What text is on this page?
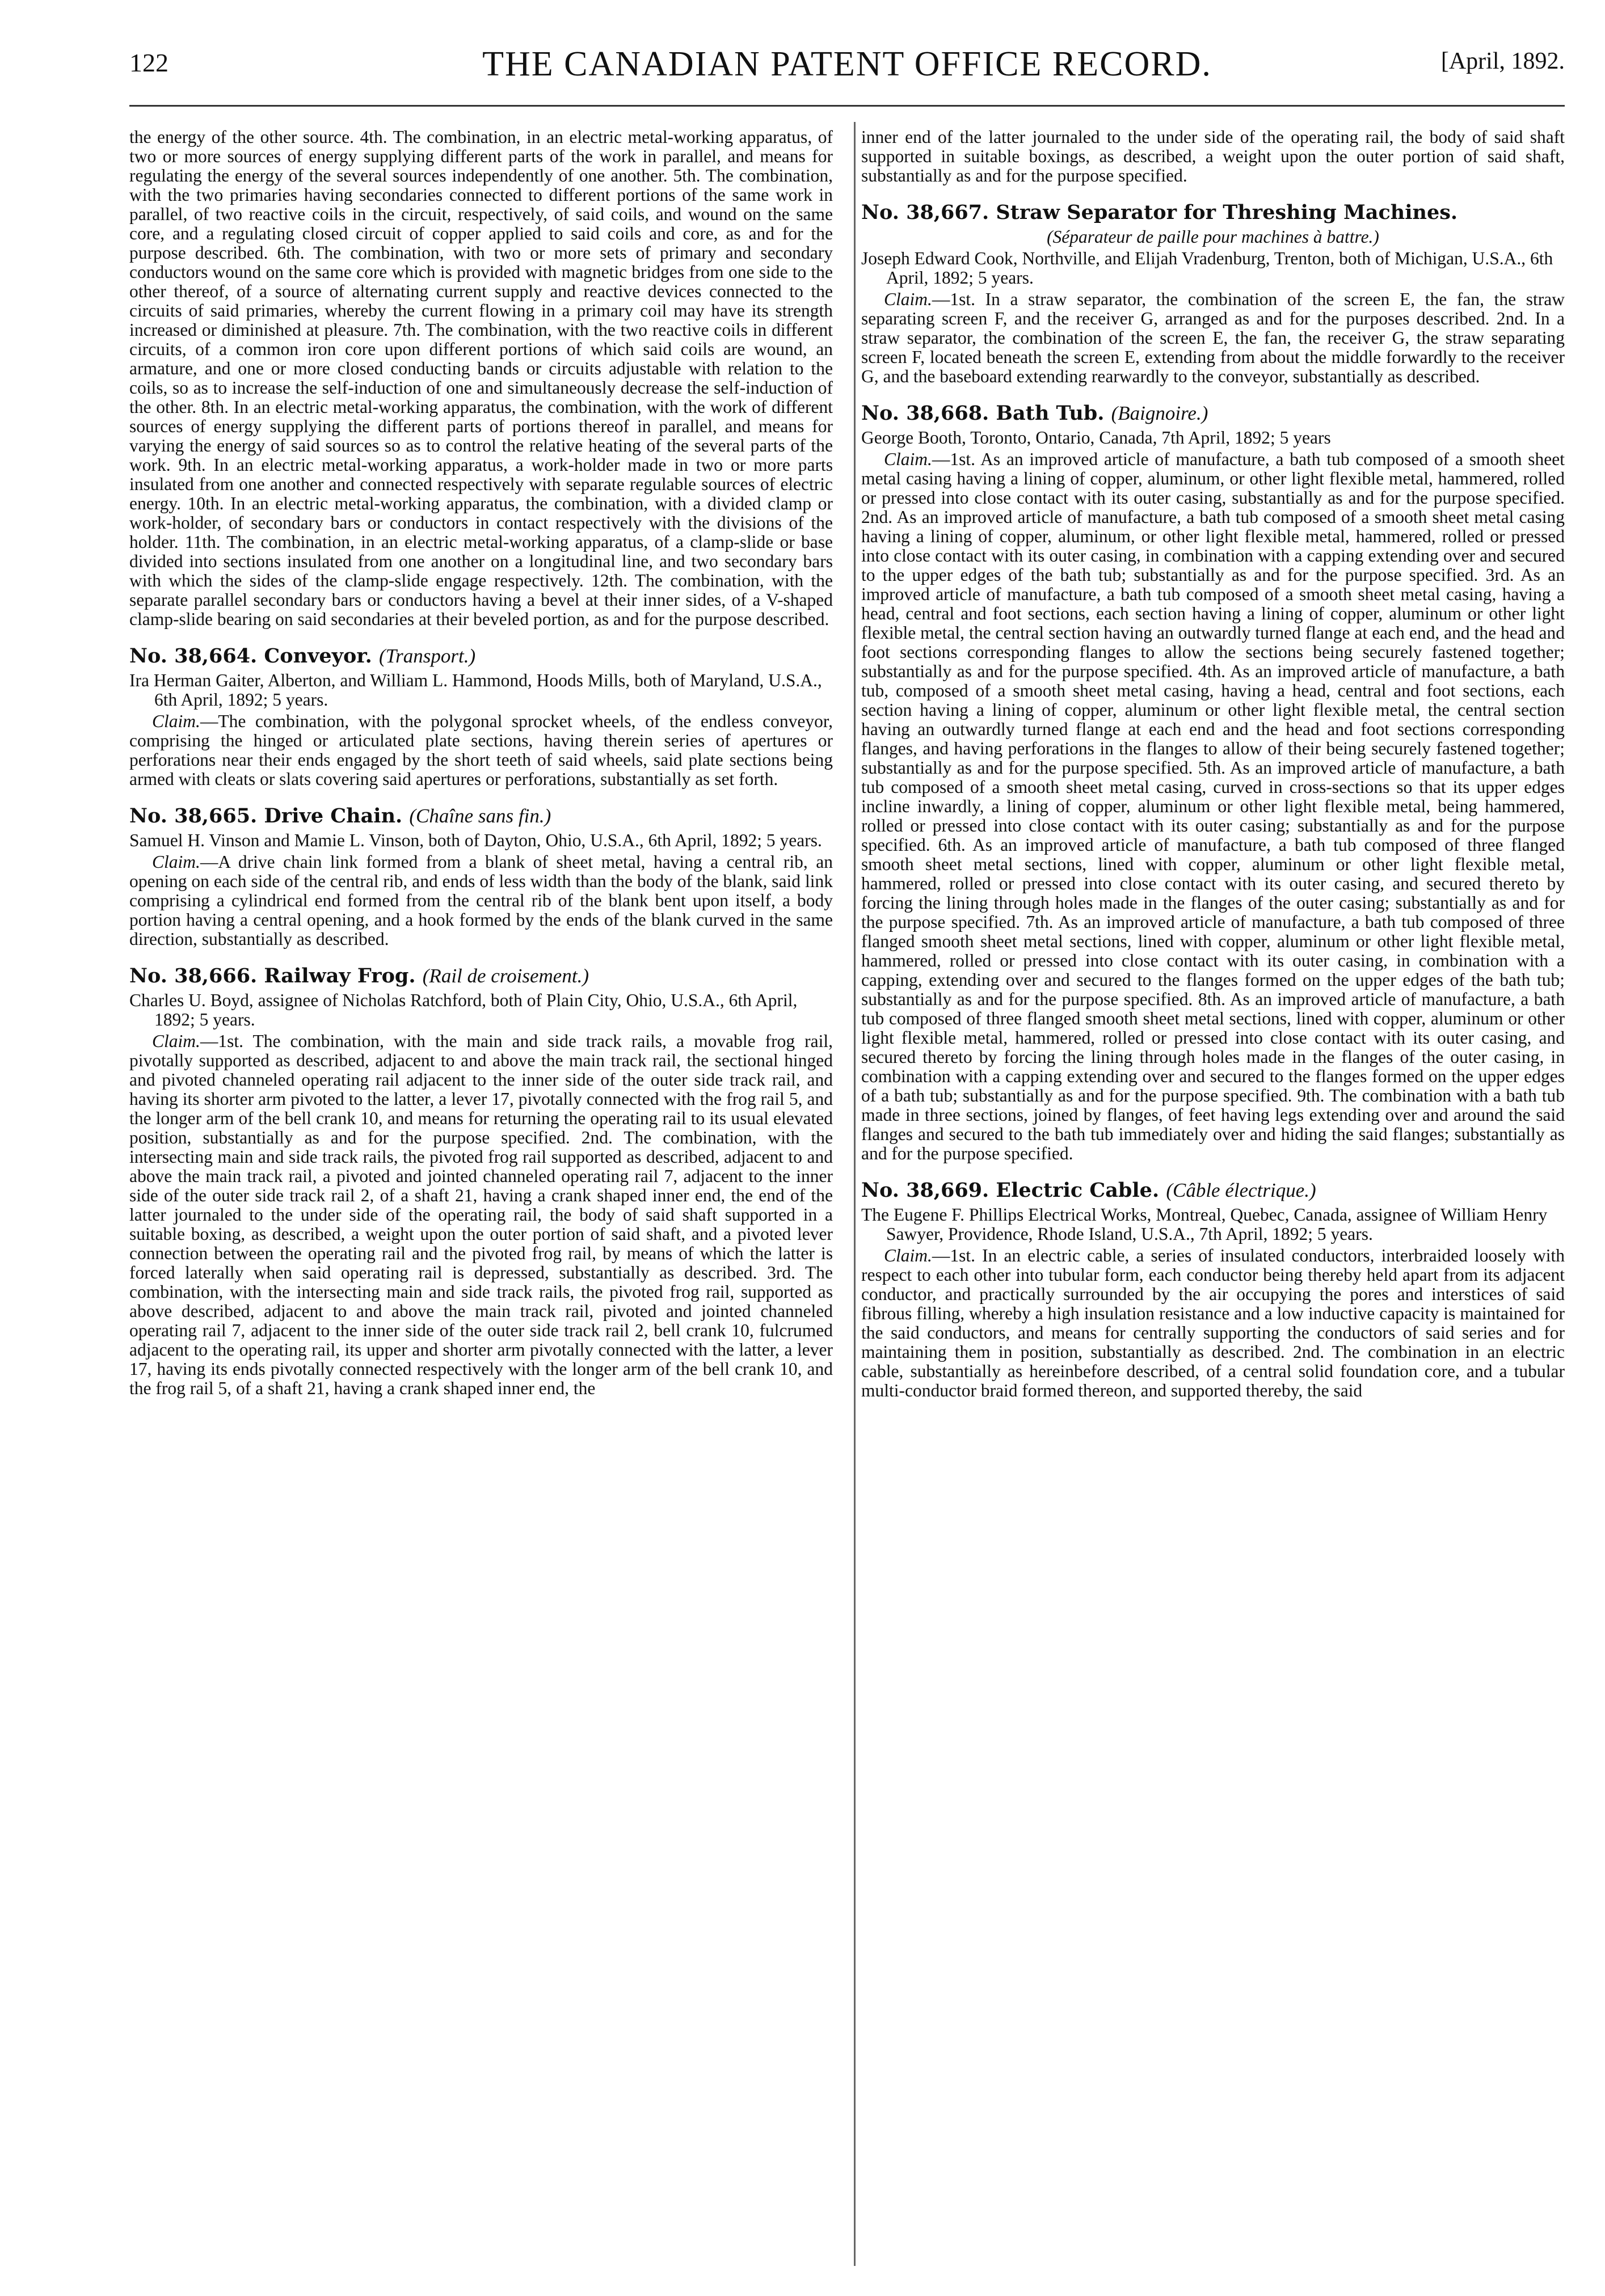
122	THE CANADIAN PATENT OFFICE RECORD.	[April, 1892.

the energy of the other source. 4th. The combination, in an electric metal-working apparatus, of two or more sources of energy supplying different parts of the work in parallel, and means for regulating the energy of the several sources independently of one another. 5th. The combination, with the two primaries having secondaries connected to different portions of the same work in parallel, of two reactive coils in the circuit, respectively, of said coils, and wound on the same core, and a regulating closed circuit of copper applied to said coils and core, as and for the purpose described. 6th. The combination, with two or more sets of primary and secondary conductors wound on the same core which is provided with magnetic bridges from one side to the other thereof, of a source of alternating current supply and reactive devices connected to the circuits of said primaries, whereby the current flowing in a primary coil may have its strength increased or diminished at pleasure. 7th. The combination, with the two reactive coils in different circuits, of a common iron core upon different portions of which said coils are wound, an armature, and one or more closed conducting bands or circuits adjustable with relation to the coils, so as to increase the self-induction of one and simultaneously decrease the self-induction of the other. 8th. In an electric metal-working apparatus, the combination, with the work of different sources of energy supplying the different parts of portions thereof in parallel, and means for varying the energy of said sources so as to control the relative heating of the several parts of the work. 9th. In an electric metal-working apparatus, a work-holder made in two or more parts insulated from one another and connected respectively with separate regulable sources of electric energy. 10th. In an electric metal-working apparatus, the combination, with a divided clamp or work-holder, of secondary bars or conductors in contact respectively with the divisions of the holder. 11th. The combination, in an electric metal-working apparatus, of a clamp-slide or base divided into sections insulated from one another on a longitudinal line, and two secondary bars with which the sides of the clamp-slide engage respectively. 12th. The combination, with the separate parallel secondary bars or conductors having a bevel at their inner sides, of a V-shaped clamp-slide bearing on said secondaries at their beveled portion, as and for the purpose described.

No. 38,664. Conveyor. (Transport.)

Ira Herman Gaiter, Alberton, and William L. Hammond, Hoods Mills, both of Maryland, U.S.A., 6th April, 1892; 5 years.

Claim.—The combination, with the polygonal sprocket wheels, of the endless conveyor, comprising the hinged or articulated plate sections, having therein series of apertures or perforations near their ends engaged by the short teeth of said wheels, said plate sections being armed with cleats or slats covering said apertures or perforations, substantially as set forth.

No. 38,665. Drive Chain. (Chaîne sans fin.)

Samuel H. Vinson and Mamie L. Vinson, both of Dayton, Ohio, U.S.A., 6th April, 1892; 5 years.

Claim.—A drive chain link formed from a blank of sheet metal, having a central rib, an opening on each side of the central rib, and ends of less width than the body of the blank, said link comprising a cylindrical end formed from the central rib of the blank bent upon itself, a body portion having a central opening, and a hook formed by the ends of the blank curved in the same direction, substantially as described.

No. 38,666. Railway Frog. (Rail de croisement.)

Charles U. Boyd, assignee of Nicholas Ratchford, both of Plain City, Ohio, U.S.A., 6th April, 1892; 5 years.

Claim.—1st. The combination, with the main and side track rails, a movable frog rail, pivotally supported as described, adjacent to and above the main track rail, the sectional hinged and pivoted channeled operating rail adjacent to the inner side of the outer side track rail, and having its shorter arm pivoted to the latter, a lever 17, pivotally connected with the frog rail 5, and the longer arm of the bell crank 10, and means for returning the operating rail to its usual elevated position, substantially as and for the purpose specified. 2nd. The combination, with the intersecting main and side track rails, the pivoted frog rail supported as described, adjacent to and above the main track rail, a pivoted and jointed channeled operating rail 7, adjacent to the inner side of the outer side track rail 2, of a shaft 21, having a crank shaped inner end, the end of the latter journaled to the under side of the operating rail, the body of said shaft supported in a suitable boxing, as described, a weight upon the outer portion of said shaft, and a pivoted lever connection between the operating rail and the pivoted frog rail, by means of which the latter is forced laterally when said operating rail is depressed, substantially as described. 3rd. The combination, with the intersecting main and side track rails, the pivoted frog rail, supported as above described, adjacent to and above the main track rail, pivoted and jointed channeled operating rail 7, adjacent to the inner side of the outer side track rail 2, bell crank 10, fulcrumed adjacent to the operating rail, its upper and shorter arm pivotally connected with the latter, a lever 17, having its ends pivotally connected respectively with the longer arm of the bell crank 10, and the frog rail 5, of a shaft 21, having a crank shaped inner end, the

inner end of the latter journaled to the under side of the operating rail, the body of said shaft supported in suitable boxings, as described, a weight upon the outer portion of said shaft, substantially as and for the purpose specified.

No. 38,667. Straw Separator for Threshing Machines.
(Séparateur de paille pour machines à battre.)

Joseph Edward Cook, Northville, and Elijah Vradenburg, Trenton, both of Michigan, U.S.A., 6th April, 1892; 5 years.

Claim.—1st. In a straw separator, the combination of the screen E, the fan, the straw separating screen F, and the receiver G, arranged as and for the purposes described. 2nd. In a straw separator, the combination of the screen E, the fan, the receiver G, the straw separating screen F, located beneath the screen E, extending from about the middle forwardly to the receiver G, and the baseboard extending rearwardly to the conveyor, substantially as described.

No. 38,668. Bath Tub. (Baignoire.)

George Booth, Toronto, Ontario, Canada, 7th April, 1892; 5 years

Claim.—1st. As an improved article of manufacture, a bath tub composed of a smooth sheet metal casing having a lining of copper, aluminum, or other light flexible metal, hammered, rolled or pressed into close contact with its outer casing, substantially as and for the purpose specified. 2nd. As an improved article of manufacture, a bath tub composed of a smooth sheet metal casing having a lining of copper, aluminum, or other light flexible metal, hammered, rolled or pressed into close contact with its outer casing, in combination with a capping extending over and secured to the upper edges of the bath tub; substantially as and for the purpose specified. 3rd. As an improved article of manufacture, a bath tub composed of a smooth sheet metal casing, having a head, central and foot sections, each section having a lining of copper, aluminum or other light flexible metal, the central section having an outwardly turned flange at each end, and the head and foot sections corresponding flanges to allow the sections being securely fastened together; substantially as and for the purpose specified. 4th. As an improved article of manufacture, a bath tub, composed of a smooth sheet metal casing, having a head, central and foot sections, each section having a lining of copper, aluminum or other light flexible metal, the central section having an outwardly turned flange at each end and the head and foot sections corresponding flanges, and having perforations in the flanges to allow of their being securely fastened together; substantially as and for the purpose specified. 5th. As an improved article of manufacture, a bath tub composed of a smooth sheet metal casing, curved in cross-sections so that its upper edges incline inwardly, a lining of copper, aluminum or other light flexible metal, being hammered, rolled or pressed into close contact with its outer casing; substantially as and for the purpose specified. 6th. As an improved article of manufacture, a bath tub composed of three flanged smooth sheet metal sections, lined with copper, aluminum or other light flexible metal, hammered, rolled or pressed into close contact with its outer casing, and secured thereto by forcing the lining through holes made in the flanges of the outer casing; substantially as and for the purpose specified. 7th. As an improved article of manufacture, a bath tub composed of three flanged smooth sheet metal sections, lined with copper, aluminum or other light flexible metal, hammered, rolled or pressed into close contact with its outer casing, in combination with a capping, extending over and secured to the flanges formed on the upper edges of the bath tub; substantially as and for the purpose specified. 8th. As an improved article of manufacture, a bath tub composed of three flanged smooth sheet metal sections, lined with copper, aluminum or other light flexible metal, hammered, rolled or pressed into close contact with its outer casing, and secured thereto by forcing the lining through holes made in the flanges of the outer casing, in combination with a capping extending over and secured to the flanges formed on the upper edges of a bath tub; substantially as and for the purpose specified. 9th. The combination with a bath tub made in three sections, joined by flanges, of feet having legs extending over and around the said flanges and secured to the bath tub immediately over and hiding the said flanges; substantially as and for the purpose specified.

No. 38,669. Electric Cable. (Câble électrique.)

The Eugene F. Phillips Electrical Works, Montreal, Quebec, Canada, assignee of William Henry Sawyer, Providence, Rhode Island, U.S.A., 7th April, 1892; 5 years.

Claim.—1st. In an electric cable, a series of insulated conductors, interbraided loosely with respect to each other into tubular form, each conductor being thereby held apart from its adjacent conductor, and practically surrounded by the air occupying the pores and interstices of said fibrous filling, whereby a high insulation resistance and a low inductive capacity is maintained for the said conductors, and means for centrally supporting the conductors of said series and for maintaining them in position, substantially as described. 2nd. The combination in an electric cable, substantially as hereinbefore described, of a central solid foundation core, and a tubular multi-conductor braid formed thereon, and supported thereby, the said
